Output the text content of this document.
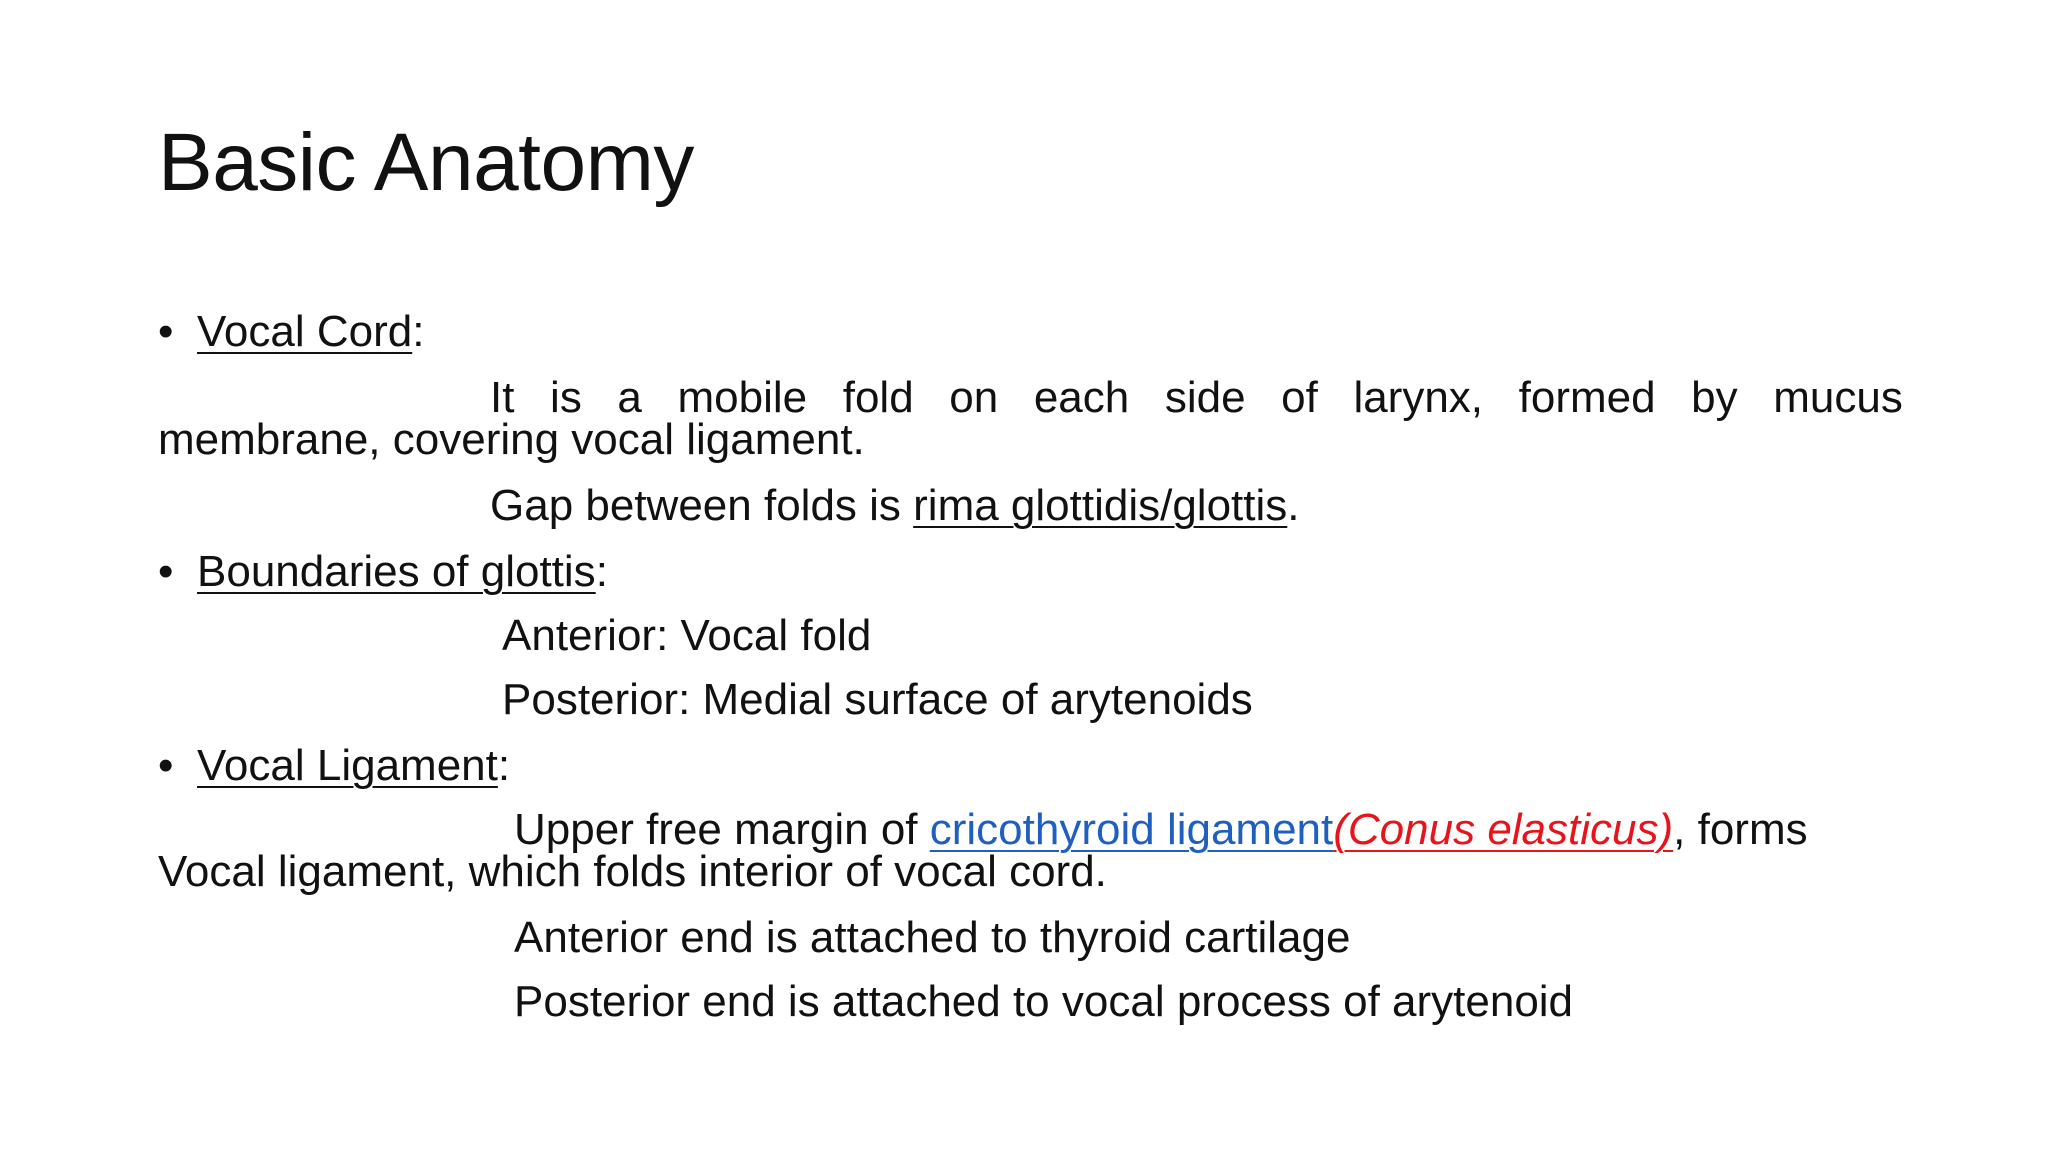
Basic Anatomy
• Vocal Cord:
It is a mobile fold on each side of larynx, formed by mucus
membrane, covering vocal ligament.
Gap between folds is rima glottidis/glottis.
• Boundaries of glottis:
Anterior: Vocal fold
Posterior: Medial surface of arytenoids
• Vocal Ligament:
Upper free margin of cricothyroid ligament(Conus elasticus), forms
Vocal ligament, which folds interior of vocal cord.
Anterior end is attached to thyroid cartilage
Posterior end is attached to vocal process of arytenoid
